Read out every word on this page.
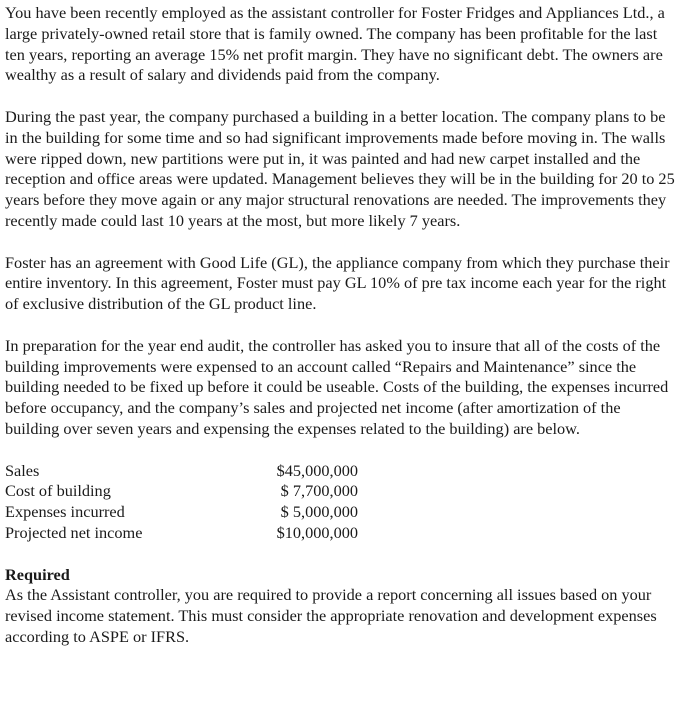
You have been recently employed as the assistant controller for Foster Fridges and Appliances Ltd., a large privately-owned retail store that is family owned. The company has been profitable for the last ten years, reporting an average 15% net profit margin. They have no significant debt. The owners are wealthy as a result of salary and dividends paid from the company.

During the past year, the company purchased a building in a better location. The company plans to be in the building for some time and so had significant improvements made before moving in. The walls were ripped down, new partitions were put in, it was painted and had new carpet installed and the reception and office areas were updated. Management believes they will be in the building for 20 to 25 years before they move again or any major structural renovations are needed. The improvements they recently made could last 10 years at the most, but more likely 7 years.

Foster has an agreement with Good Life (GL), the appliance company from which they purchase their entire inventory. In this agreement, Foster must pay GL 10% of pre tax income each year for the right of exclusive distribution of the GL product line.

In preparation for the year end audit, the controller has asked you to insure that all of the costs of the building improvements were expensed to an account called “Repairs and Maintenance” since the building needed to be fixed up before it could be useable. Costs of the building, the expenses incurred before occupancy, and the company’s sales and projected net income (after amortization of the building over seven years and expensing the expenses related to the building) are below.

Sales	$45,000,000
Cost of building	$ 7,700,000
Expenses incurred	$ 5,000,000
Projected net income	$10,000,000

Required

As the Assistant controller, you are required to provide a report concerning all issues based on your revised income statement. This must consider the appropriate renovation and development expenses according to ASPE or IFRS.
